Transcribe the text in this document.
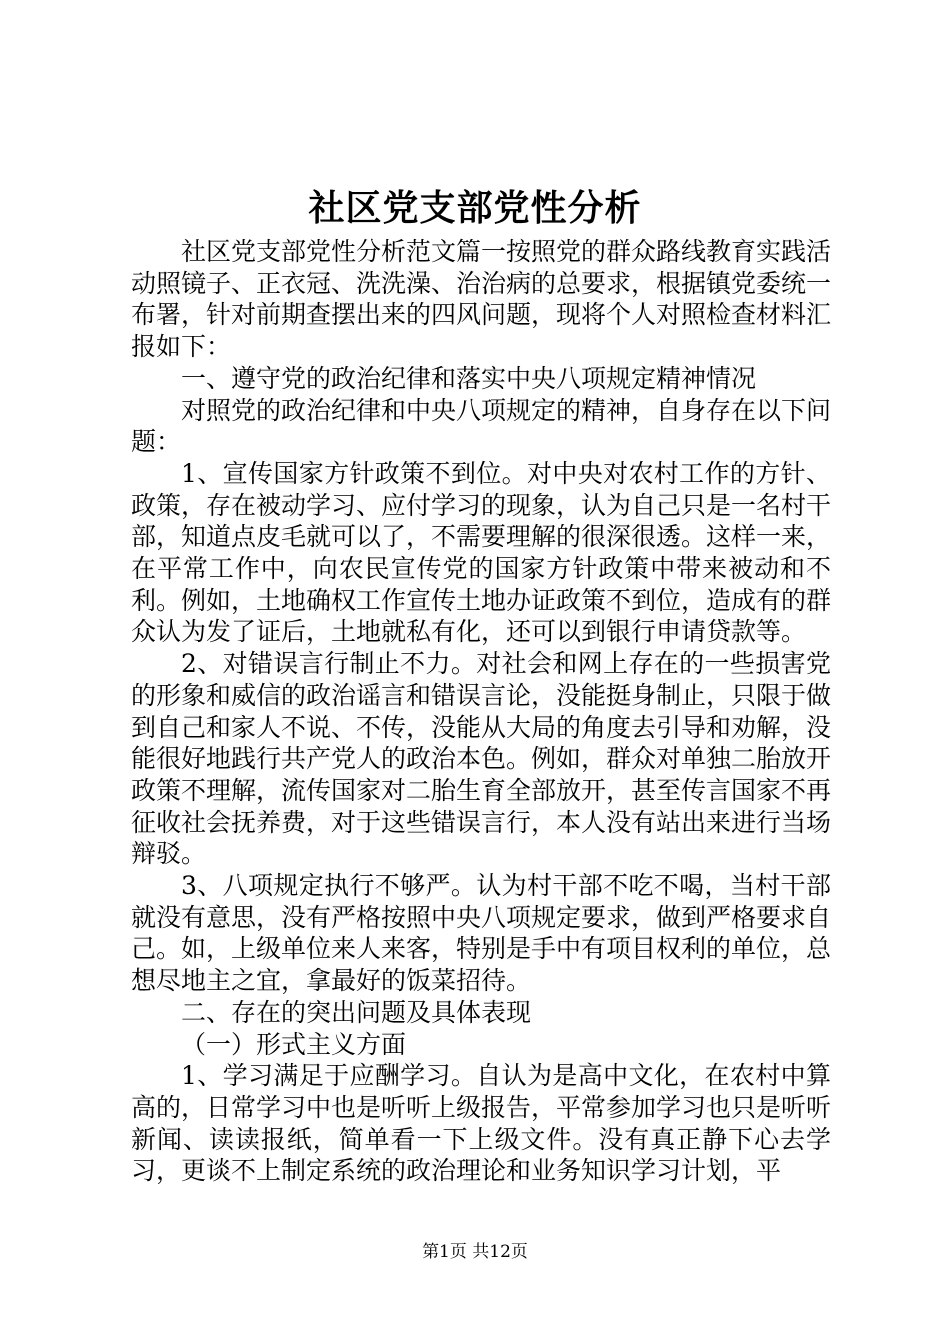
社区党支部党性分析

社区党支部党性分析范文篇一按照党的群众路线教育实践活动照镜子、正衣冠、洗洗澡、治治病的总要求，根据镇党委统一布署，针对前期查摆出来的四风问题，现将个人对照检查材料汇报如下：

一、遵守党的政治纪律和落实中央八项规定精神情况

对照党的政治纪律和中央八项规定的精神，自身存在以下问题：

1、宣传国家方针政策不到位。对中央对农村工作的方针、政策，存在被动学习、应付学习的现象，认为自己只是一名村干部，知道点皮毛就可以了，不需要理解的很深很透。这样一来，在平常工作中，向农民宣传党的国家方针政策中带来被动和不利。例如，土地确权工作宣传土地办证政策不到位，造成有的群众认为发了证后，土地就私有化，还可以到银行申请贷款等。

2、对错误言行制止不力。对社会和网上存在的一些损害党的形象和威信的政治谣言和错误言论，没能挺身制止，只限于做到自己和家人不说、不传，没能从大局的角度去引导和劝解，没能很好地践行共产党人的政治本色。例如，群众对单独二胎放开政策不理解，流传国家对二胎生育全部放开，甚至传言国家不再征收社会抚养费，对于这些错误言行，本人没有站出来进行当场辩驳。

3、八项规定执行不够严。认为村干部不吃不喝，当村干部就没有意思，没有严格按照中央八项规定要求，做到严格要求自己。如，上级单位来人来客，特别是手中有项目权利的单位，总想尽地主之宜，拿最好的饭菜招待。

二、存在的突出问题及具体表现

（一）形式主义方面

1、学习满足于应酬学习。自认为是高中文化，在农村中算高的，日常学习中也是听听上级报告，平常参加学习也只是听听新闻、读读报纸，简单看一下上级文件。没有真正静下心去学习，更谈不上制定系统的政治理论和业务知识学习计划，平

第1页 共12页
